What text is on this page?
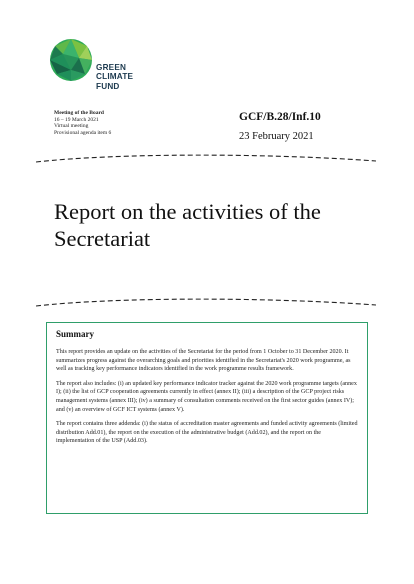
GREEN
CLIMATE
FUND
Meeting of the Board
16 – 19 March 2021
Virtual meeting
Provisional agenda item 6
GCF/B.28/Inf.10
23 February 2021
Report on the activities of the
Secretariat
Summary

This report provides an update on the activities of the Secretariat for the period from 1 October to 31 December 2020. It summarizes progress against the overarching goals and priorities identified in the Secretariat's 2020 work programme, as well as tracking key performance indicators identified in the work programme results framework.

The report also includes: (i) an updated key performance indicator tracker against the 2020 work programme targets (annex I); (ii) the list of GCP cooperation agreements currently in effect (annex II); (iii) a description of the GCP project risks management systems (annex III); (iv) a summary of consultation comments received on the first sector guides (annex IV); and (v) an overview of GCF ICT systems (annex V).

The report contains three addenda: (i) the status of accreditation master agreements and funded activity agreements (limited distribution Add.01), the report on the execution of the administrative budget (Add.02), and the report on the implementation of the USP (Add.03).
